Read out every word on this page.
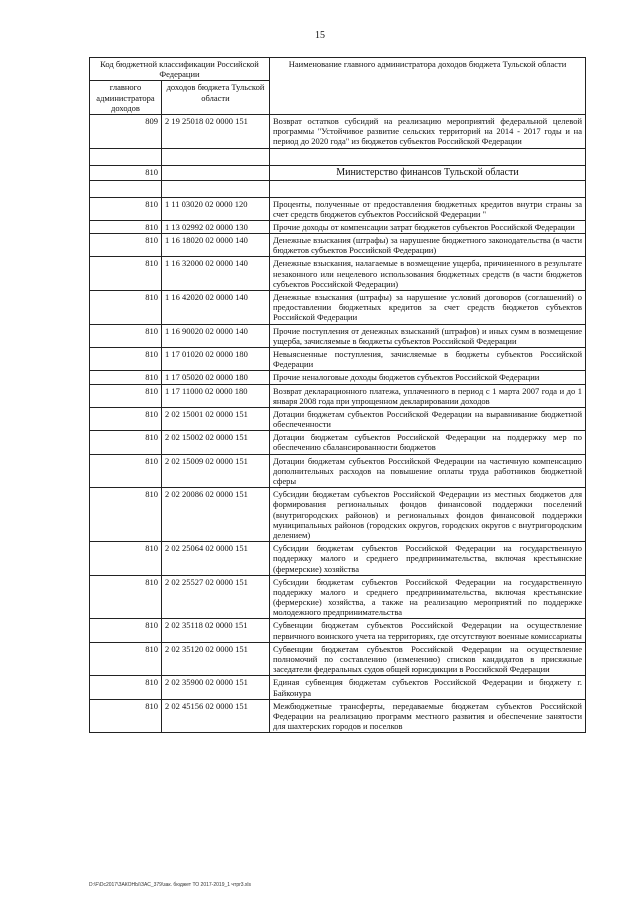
15
Код бюджетной классификации Российской Федерации		Наименование главного администратора доходов бюджета Тульской области
главного администратора доходов	доходов бюджета Тульской области	
809	2 19 25018 02 0000 151	Возврат остатков субсидий на реализацию мероприятий федеральной целевой программы "Устойчивое развитие сельских территорий на 2014 - 2017 годы и на период до 2020 года" из бюджетов субъектов Российской Федерации

810		Министерство финансов Тульской области

810	1 11 03020 02 0000 120	Проценты, полученные от предоставления бюджетных кредитов внутри страны за счет средств бюджетов субъектов Российской Федерации "
810	1 13 02992 02 0000 130	Прочие доходы от компенсации затрат бюджетов субъектов Российской Федерации
810	1 16 18020 02 0000 140	Денежные взыскания (штрафы) за нарушение бюджетного законодательства (в части бюджетов субъектов Российской Федерации)
810	1 16 32000 02 0000 140	Денежные взыскания, налагаемые в возмещение ущерба, причиненного в результате незаконного или нецелевого использования бюджетных средств (в части бюджетов субъектов Российской Федерации)
810	1 16 42020 02 0000 140	Денежные взыскания (штрафы) за нарушение условий договоров (соглашений) о предоставлении бюджетных кредитов за счет средств бюджетов субъектов Российской Федерации
810	1 16 90020 02 0000 140	Прочие поступления от денежных взысканий (штрафов) и иных сумм в возмещение ущерба, зачисляемые в бюджеты субъектов Российской Федерации
810	1 17 01020 02 0000 180	Невыясненные поступления, зачисляемые в бюджеты субъектов Российской Федерации
810	1 17 05020 02 0000 180	Прочие неналоговые доходы бюджетов субъектов Российской Федерации
810	1 17 11000 02 0000 180	Возврат декларационного платежа, уплаченного в период с 1 марта 2007 года и до 1 января 2008 года при упрощенном декларировании доходов
810	2 02 15001 02 0000 151	Дотации бюджетам субъектов Российской Федерации на выравнивание бюджетной обеспеченности
810	2 02 15002 02 0000 151	Дотации бюджетам субъектов Российской Федерации на поддержку мер по обеспечению сбалансированности бюджетов
810	2 02 15009 02 0000 151	Дотации бюджетам субъектов Российской Федерации на частичную компенсацию дополнительных расходов на повышение оплаты труда работников бюджетной сферы
810	2 02 20086 02 0000 151	Субсидии бюджетам субъектов Российской Федерации из местных бюджетов для формирования региональных фондов финансовой поддержки поселений (внутригородских районов) и региональных фондов финансовой поддержки муниципальных районов (городских округов, городских округов с внутригородским делением)
810	2 02 25064 02 0000 151	Субсидии бюджетам субъектов Российской Федерации на государственную поддержку малого и среднего предпринимательства, включая крестьянские (фермерские) хозяйства
810	2 02 25527 02 0000 151	Субсидии бюджетам субъектов Российской Федерации на государственную поддержку малого и среднего предпринимательства, включая крестьянские (фермерские) хозяйства, а также на реализацию мероприятий по поддержке молодежного предпринимательства
810	2 02 35118 02 0000 151	Субвенции бюджетам субъектов Российской Федерации на осуществление первичного воинского учета на территориях, где отсутствуют военные комиссариаты
810	2 02 35120 02 0000 151	Субвенции бюджетам субъектов Российской Федерации на осуществление полномочий по составлению (изменению) списков кандидатов в присяжные заседатели федеральных судов общей юрисдикции в Российской Федерации
810	2 02 35900 02 0000 151	Единая субвенция бюджетам субъектов Российской Федерации и бюджету г. Байконура
810	2 02 45156 02 0000 151	Межбюджетные трансферты, передаваемые бюджетам субъектов Российской Федерации на реализацию программ местного развития и обеспечение занятости для шахтерских городов и поселков
D:\F\Dc2017\ЗАКОНЫ\ЗАС_379\зак. бюджет ТО 2017-2019_1 чтpr3.xls
